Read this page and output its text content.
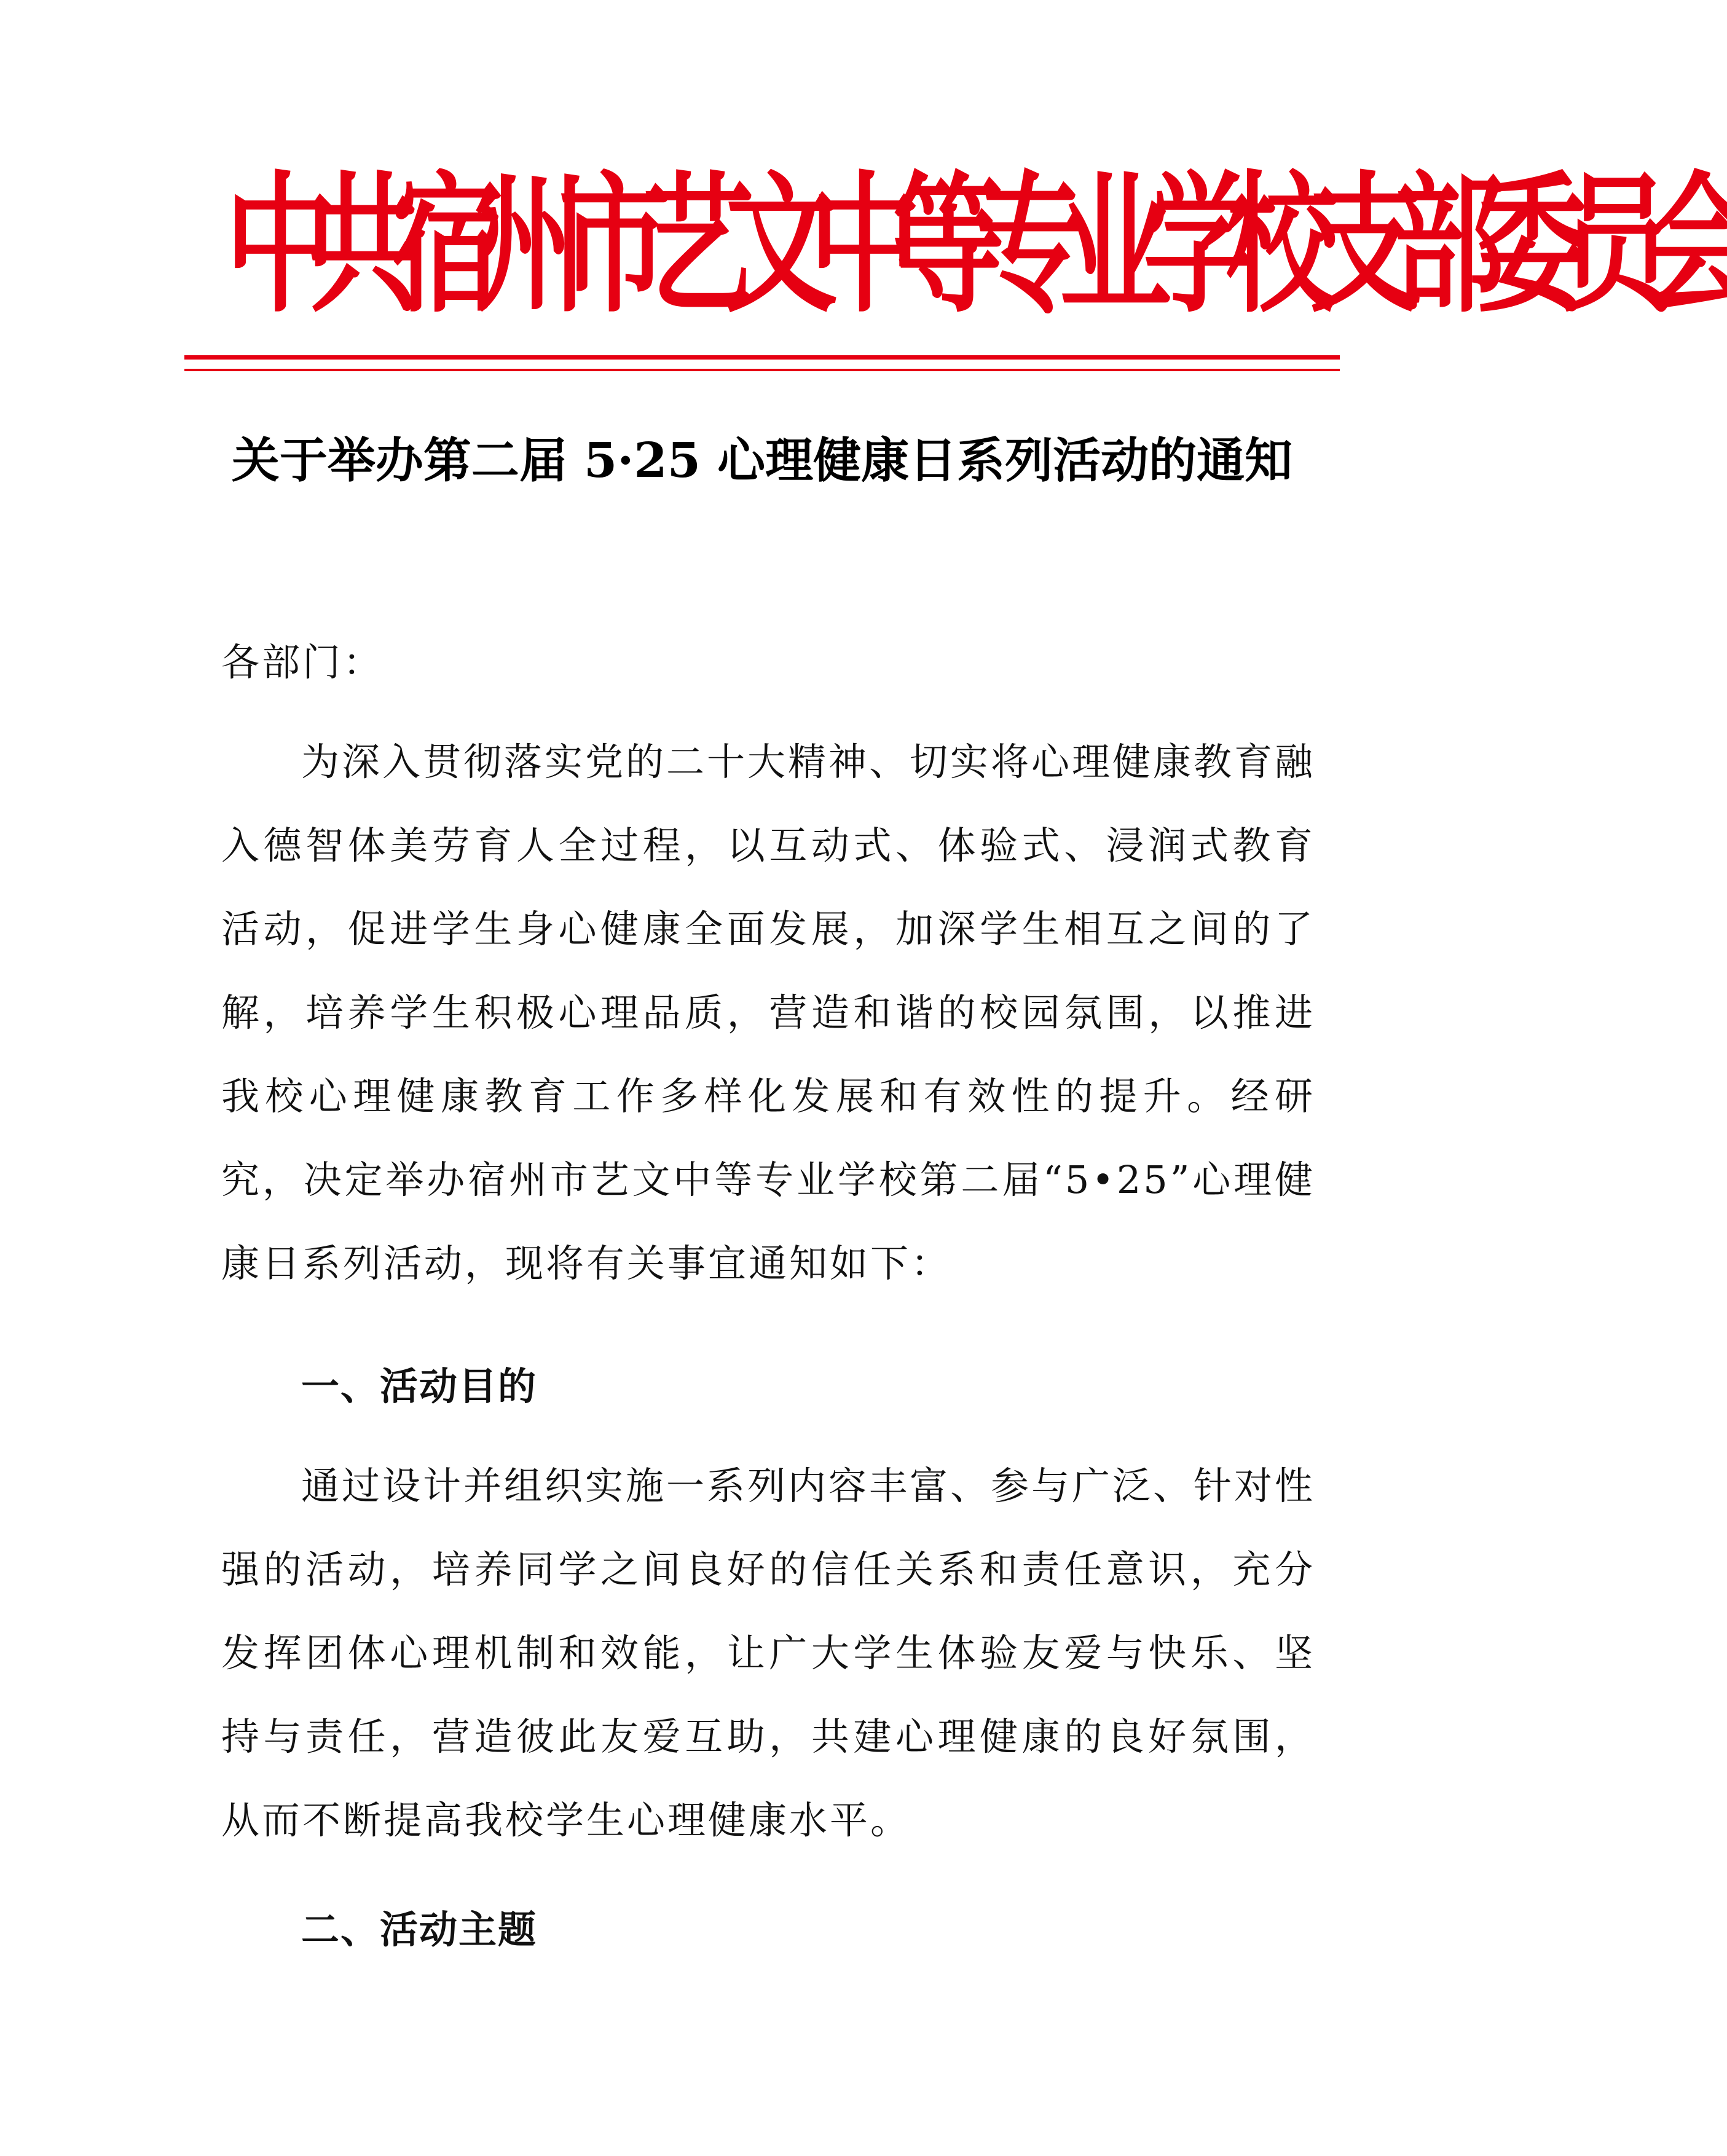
中共宿州市艺文中等专业学校支部委员会
关于举办第二届 5·25 心理健康日系列活动的通知

各部门：

为深入贯彻落实党的二十大精神、切实将心理健康教育融入德智体美劳育人全过程，以互动式、体验式、浸润式教育活动，促进学生身心健康全面发展，加深学生相互之间的了解，培养学生积极心理品质，营造和谐的校园氛围，以推进我校心理健康教育工作多样化发展和有效性的提升。经研究，决定举办宿州市艺文中等专业学校第二届“5•25”心理健康日系列活动，现将有关事宜通知如下：

一、活动目的

通过设计并组织实施一系列内容丰富、参与广泛、针对性强的活动，培养同学之间良好的信任关系和责任意识，充分发挥团体心理机制和效能，让广大学生体验友爱与快乐、坚持与责任，营造彼此友爱互助，共建心理健康的良好氛围，从而不断提高我校学生心理健康水平。

二、活动主题
